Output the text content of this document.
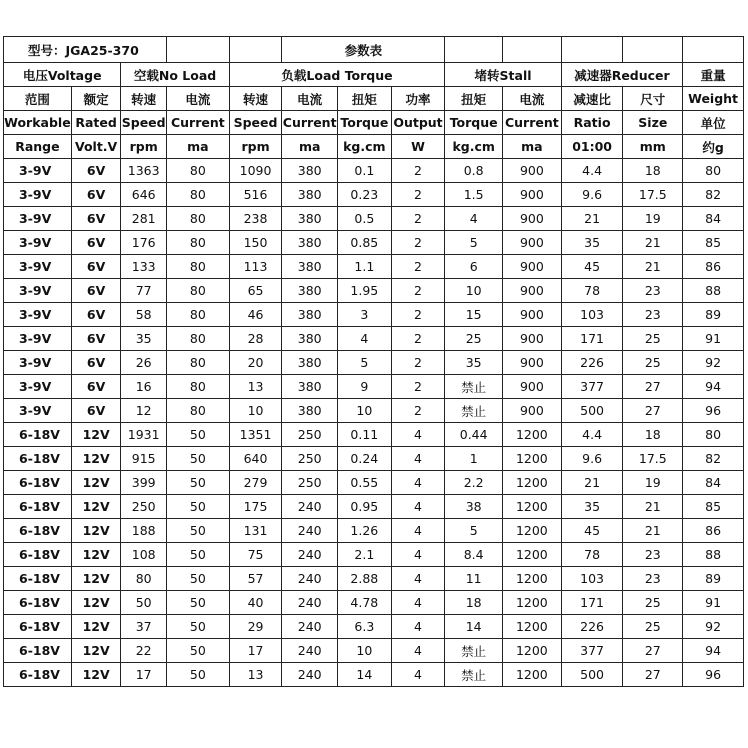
型号：JGA25-370					参数表							
电压Voltage		空载No Load		负载Load Torque				堵转Stall		减速器Reducer		重量
范围	额定	转速	电流	转速	电流	扭矩	功率	扭矩	电流	减速比	尺寸	Weight
Workable	Rated	Speed	Current	Speed	Current	Torque	Output	Torque	Current	Ratio	Size	单位
Range	Volt.V	rpm	ma	rpm	ma	kg.cm	W	kg.cm	ma	01:00	mm	约g
3-9V	6V	1363	80	1090	380	0.1	2	0.8	900	4.4	18	80
3-9V	6V	646	80	516	380	0.23	2	1.5	900	9.6	17.5	82
3-9V	6V	281	80	238	380	0.5	2	4	900	21	19	84
3-9V	6V	176	80	150	380	0.85	2	5	900	35	21	85
3-9V	6V	133	80	113	380	1.1	2	6	900	45	21	86
3-9V	6V	77	80	65	380	1.95	2	10	900	78	23	88
3-9V	6V	58	80	46	380	3	2	15	900	103	23	89
3-9V	6V	35	80	28	380	4	2	25	900	171	25	91
3-9V	6V	26	80	20	380	5	2	35	900	226	25	92
3-9V	6V	16	80	13	380	9	2	禁止	900	377	27	94
3-9V	6V	12	80	10	380	10	2	禁止	900	500	27	96
6-18V	12V	1931	50	1351	250	0.11	4	0.44	1200	4.4	18	80
6-18V	12V	915	50	640	250	0.24	4	1	1200	9.6	17.5	82
6-18V	12V	399	50	279	250	0.55	4	2.2	1200	21	19	84
6-18V	12V	250	50	175	240	0.95	4	38	1200	35	21	85
6-18V	12V	188	50	131	240	1.26	4	5	1200	45	21	86
6-18V	12V	108	50	75	240	2.1	4	8.4	1200	78	23	88
6-18V	12V	80	50	57	240	2.88	4	11	1200	103	23	89
6-18V	12V	50	50	40	240	4.78	4	18	1200	171	25	91
6-18V	12V	37	50	29	240	6.3	4	14	1200	226	25	92
6-18V	12V	22	50	17	240	10	4	禁止	1200	377	27	94
6-18V	12V	17	50	13	240	14	4	禁止	1200	500	27	96
